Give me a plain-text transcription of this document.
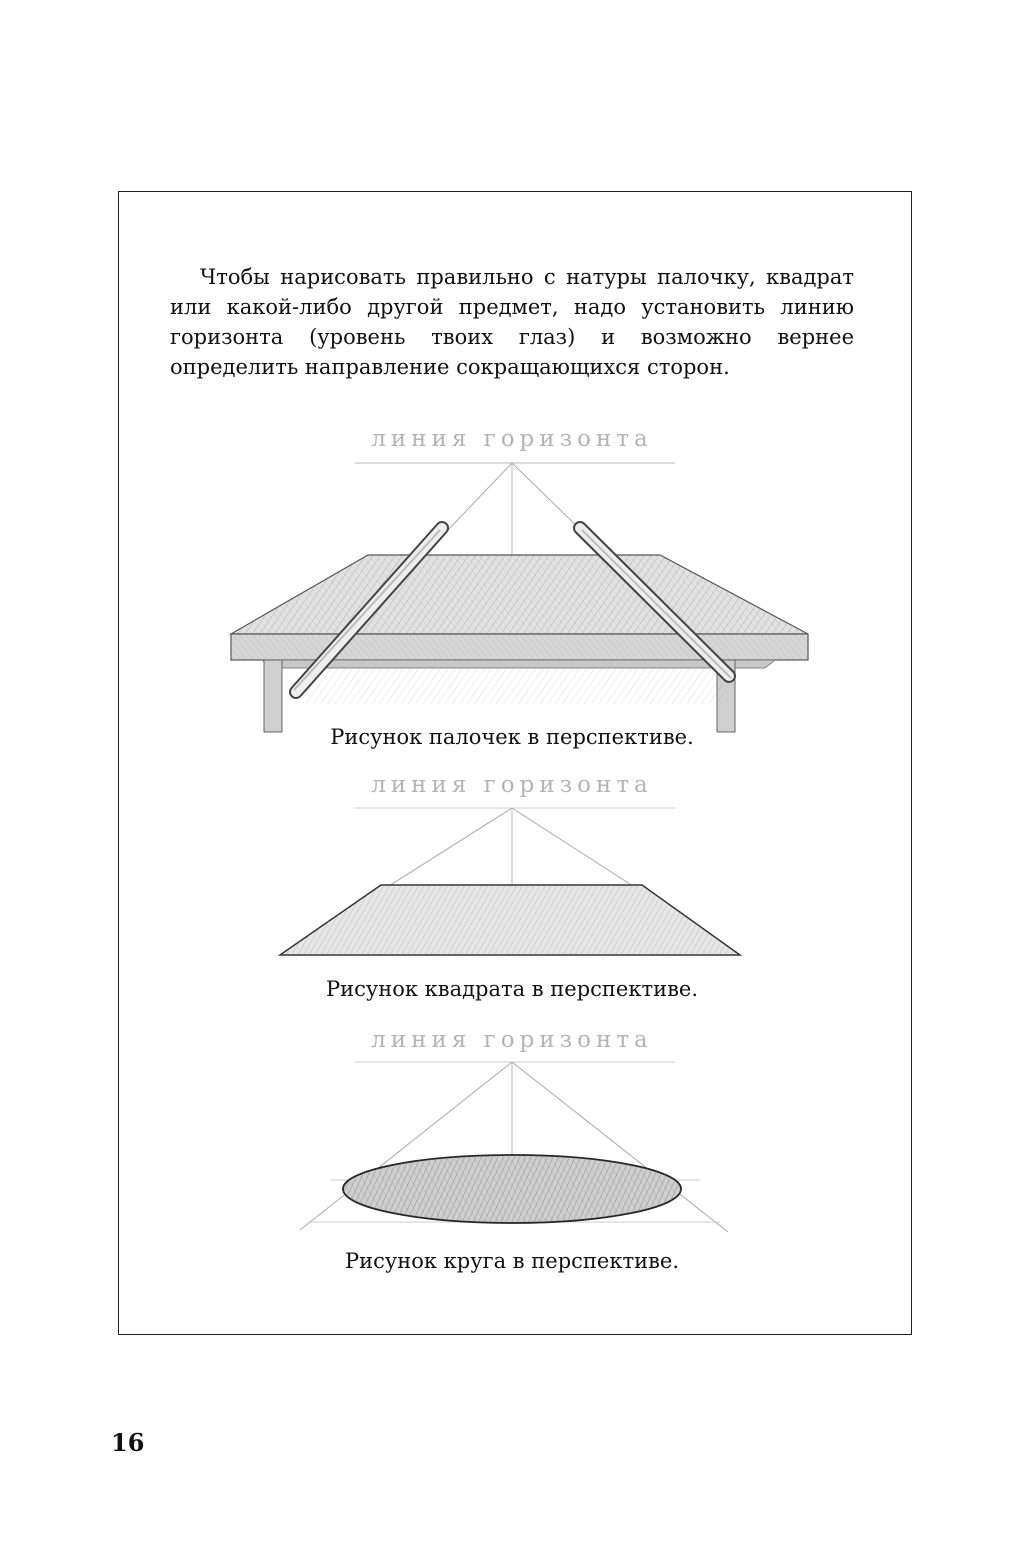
Чтобы нарисовать правильно с натуры палочку, квадрат или какой-либо другой предмет, надо установить линию горизонта (уровень твоих глаз) и возможно вернее определить направление сокращающихся сторон.

линия горизонта
Рисунок палочек в перспективе.
линия горизонта
Рисунок квадрата в перспективе.
линия горизонта
Рисунок круга в перспективе.
16
